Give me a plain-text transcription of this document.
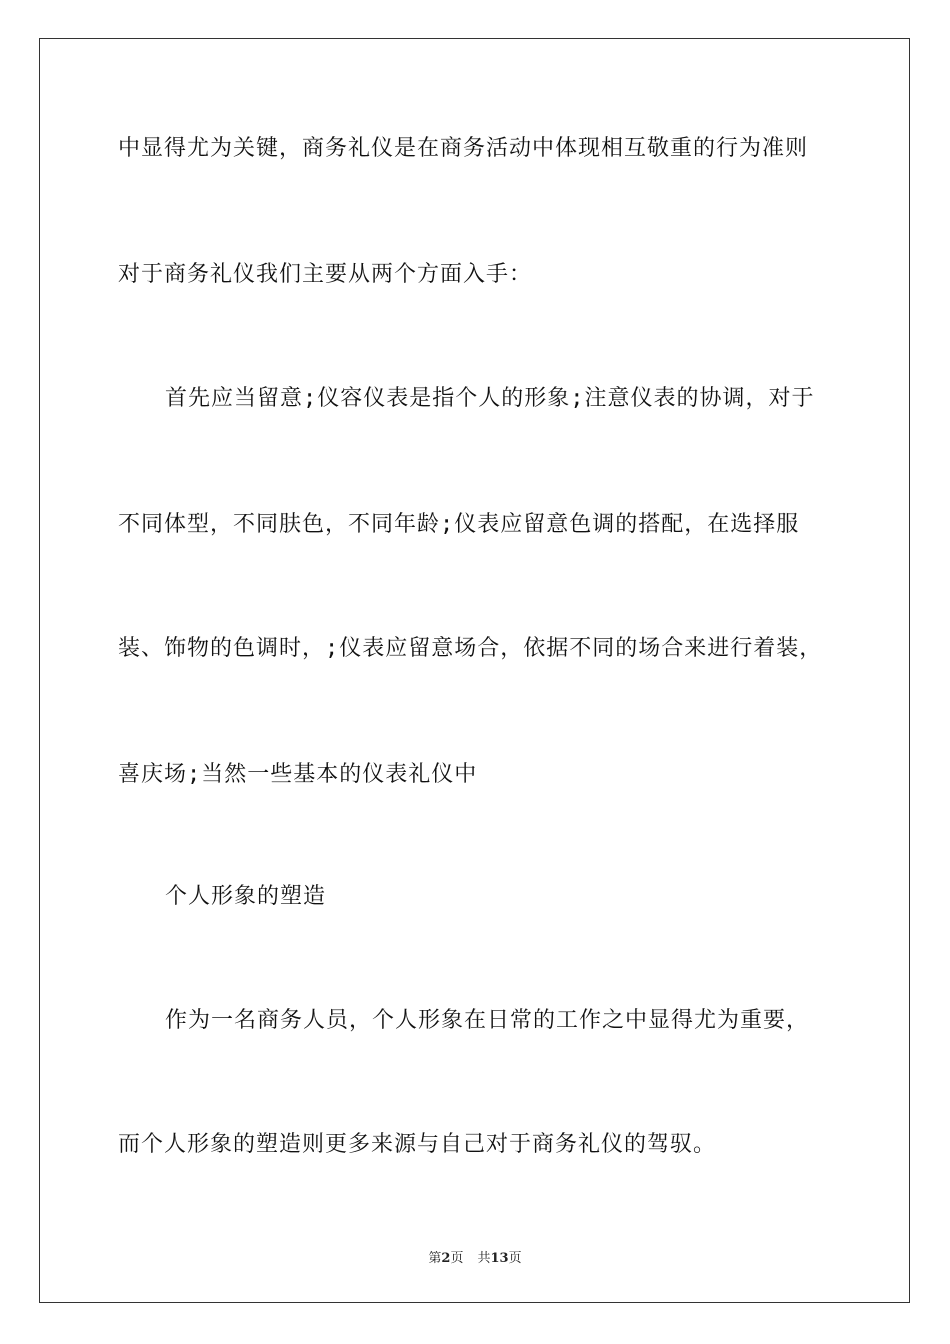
中显得尤为关键，商务礼仪是在商务活动中体现相互敬重的行为准则
对于商务礼仪我们主要从两个方面入手：
首先应当留意;仪容仪表是指个人的形象;注意仪表的协调，对于
不同体型，不同肤色，不同年龄;仪表应留意色调的搭配，在选择服
装、饰物的色调时，;仪表应留意场合，依据不同的场合来进行着装，
喜庆场;当然一些基本的仪表礼仪中
个人形象的塑造
作为一名商务人员，个人形象在日常的工作之中显得尤为重要，
而个人形象的塑造则更多来源与自己对于商务礼仪的驾驭。
第2页 共13页
